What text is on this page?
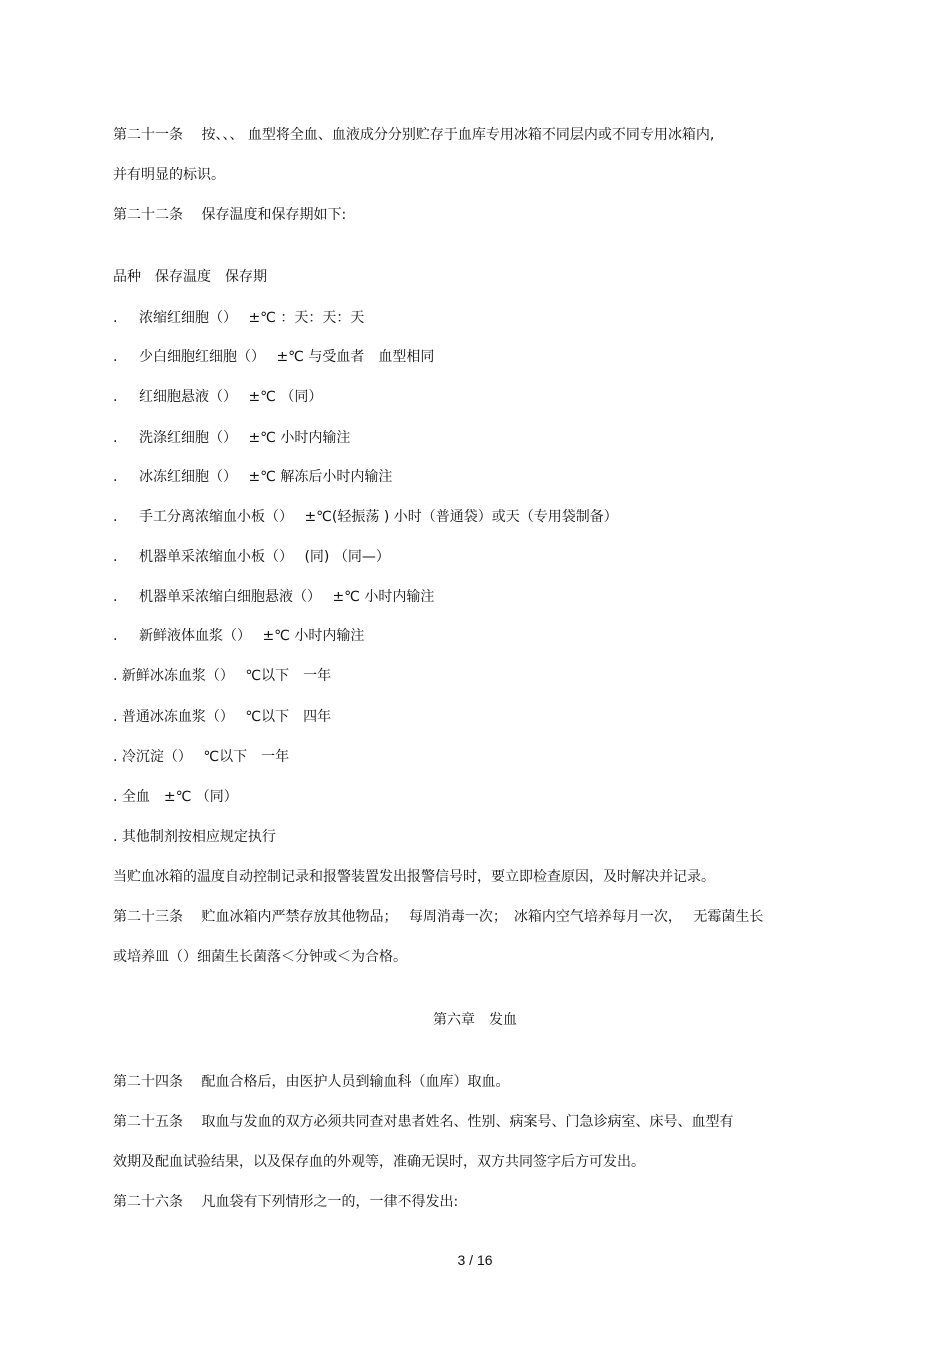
第二十一条　 按、、、 血型将全血、血液成分分别贮存于血库专用冰箱不同层内或不同专用冰箱内,
并有明显的标识。
第二十二条　 保存温度和保存期如下:
品种　保存温度　保存期
. 浓缩红细胞（）　 ±℃ ：天：天：天
. 少白细胞红细胞（）　 ±℃ 与受血者　血型相同
. 红细胞悬液（）　 ±℃ （同）
. 洗涤红细胞（）　 ±℃ 小时内输注
. 冰冻红细胞（）　 ±℃ 解冻后小时内输注
. 手工分离浓缩血小板（）　 ±℃(轻振荡 ) 小时（普通袋）或天（专用袋制备）
. 机器单采浓缩血小板（）　 (同) （同—）
. 机器单采浓缩白细胞悬液（）　 ±℃ 小时内输注
. 新鲜液体血浆（）　 ±℃ 小时内输注
. 新鲜冰冻血浆（）　 ℃以下　一年
. 普通冰冻血浆（）　 ℃以下　四年
. 冷沉淀（）　 ℃以下　一年
. 全血　±℃ （同）
. 其他制剂按相应规定执行
当贮血冰箱的温度自动控制记录和报警装置发出报警信号时，要立即检查原因，及时解决并记录。
第二十三条　 贮血冰箱内严禁存放其他物品；　 每周消毒一次；　冰箱内空气培养每月一次，　 无霉菌生长
或培养皿（）细菌生长菌落＜分钟或＜为合格。
第六章　发血
第二十四条　 配血合格后，由医护人员到输血科（血库）取血。
第二十五条　 取血与发血的双方必须共同查对患者姓名、性别、病案号、门急诊病室、床号、血型有
效期及配血试验结果，以及保存血的外观等，准确无误时，双方共同签字后方可发出。
第二十六条　 凡血袋有下列情形之一的，一律不得发出:
3 / 16
